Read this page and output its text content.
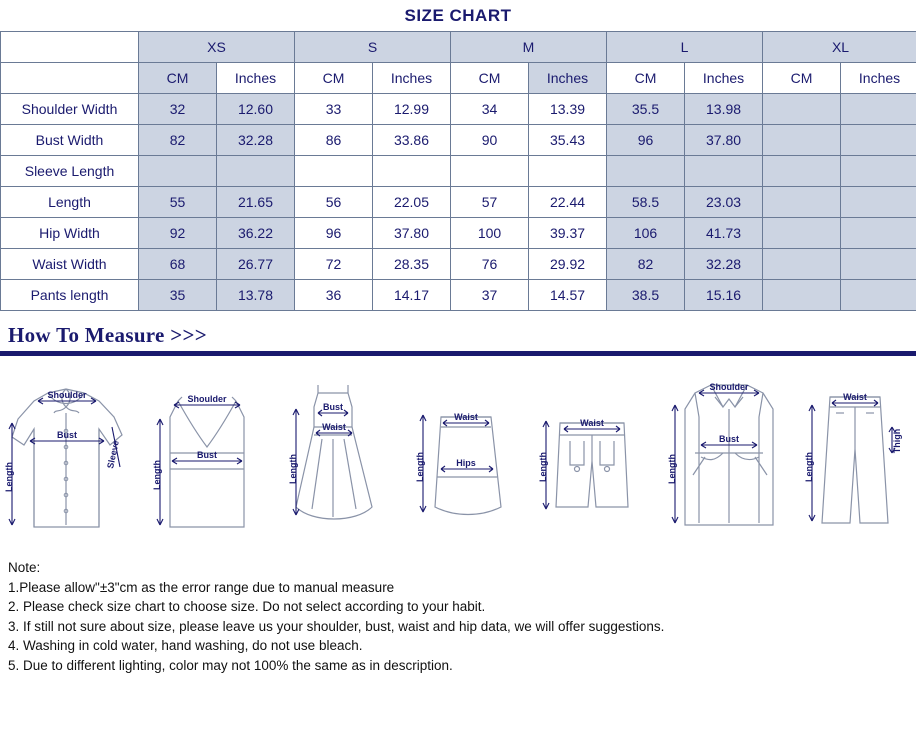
SIZE CHART
	XS		S		M		L		XL	
	CM	Inches	CM	Inches	CM	Inches	CM	Inches	CM	Inches
Shoulder Width	32	12.60	33	12.99	34	13.39	35.5	13.98		
Bust Width	82	32.28	86	33.86	90	35.43	96	37.80		
Sleeve Length										
Length	55	21.65	56	22.05	57	22.44	58.5	23.03		
Hip Width	92	36.22	96	37.80	100	39.37	106	41.73		
Waist Width	68	26.77	72	28.35	76	29.92	82	32.28		
Pants length	35	13.78	36	14.17	37	14.57	38.5	15.16		
How To Measure >>>
Shoulder
Bust
Sleeve
Length
Shoulder
Bust
Length
Bust
Waist
Length
Waist
Hips
Length
Waist
Length
Shoulder
Bust
Length
Waist
Thigh
Length
Note:
1.Please allow"±3"cm as the error range due to manual measure
2. Please check size chart to choose size. Do not select according to your habit.
3. If still not sure about size, please leave us your shoulder, bust, waist and hip data, we will offer suggestions.
4. Washing in cold water, hand washing, do not use bleach.
5. Due to different lighting, color may not 100% the same as in description.
